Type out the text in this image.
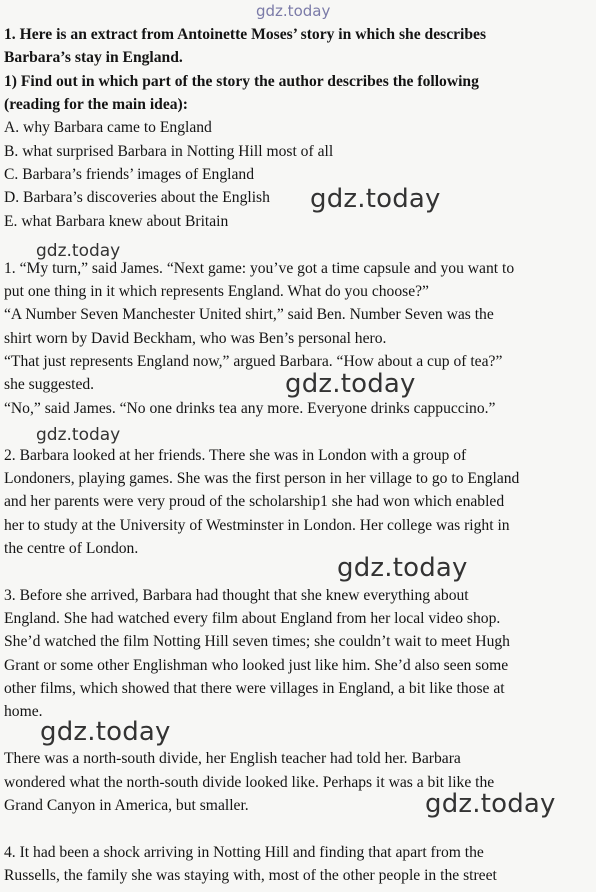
gdz.today
gdz.today
gdz.today
gdz.today
gdz.today
gdz.today
gdz.today
gdz.today
1. Here is an extract from Antoinette Moses’ story in which she describes
Barbara’s stay in England.
1) Find out in which part of the story the author describes the following
(reading for the main idea):
A. why Barbara came to England
B. what surprised Barbara in Notting Hill most of all
C. Barbara’s friends’ images of England
D. Barbara’s discoveries about the English
E. what Barbara knew about Britain
1. “My turn,” said James. “Next game: you’ve got a time capsule and you want to
put one thing in it which represents England. What do you choose?”
“A Number Seven Manchester United shirt,” said Ben. Number Seven was the
shirt worn by David Beckham, who was Ben’s personal hero.
“That just represents England now,” argued Barbara. “How about a cup of tea?”
she suggested.
“No,” said James. “No one drinks tea any more. Everyone drinks cappuccino.”
2. Barbara looked at her friends. There she was in London with a group of
Londoners, playing games. She was the first person in her village to go to England
and her parents were very proud of the scholarship1 she had won which enabled
her to study at the University of Westminster in London. Her college was right in
the centre of London.
3. Before she arrived, Barbara had thought that she knew everything about
England. She had watched every film about England from her local video shop.
She’d watched the film Notting Hill seven times; she couldn’t wait to meet Hugh
Grant or some other Englishman who looked just like him. She’d also seen some
other films, which showed that there were villages in England, a bit like those at
home.
There was a north-south divide, her English teacher had told her. Barbara
wondered what the north-south divide looked like. Perhaps it was a bit like the
Grand Canyon in America, but smaller.
4. It had been a shock arriving in Notting Hill and finding that apart from the
Russells, the family she was staying with, most of the other people in the street
